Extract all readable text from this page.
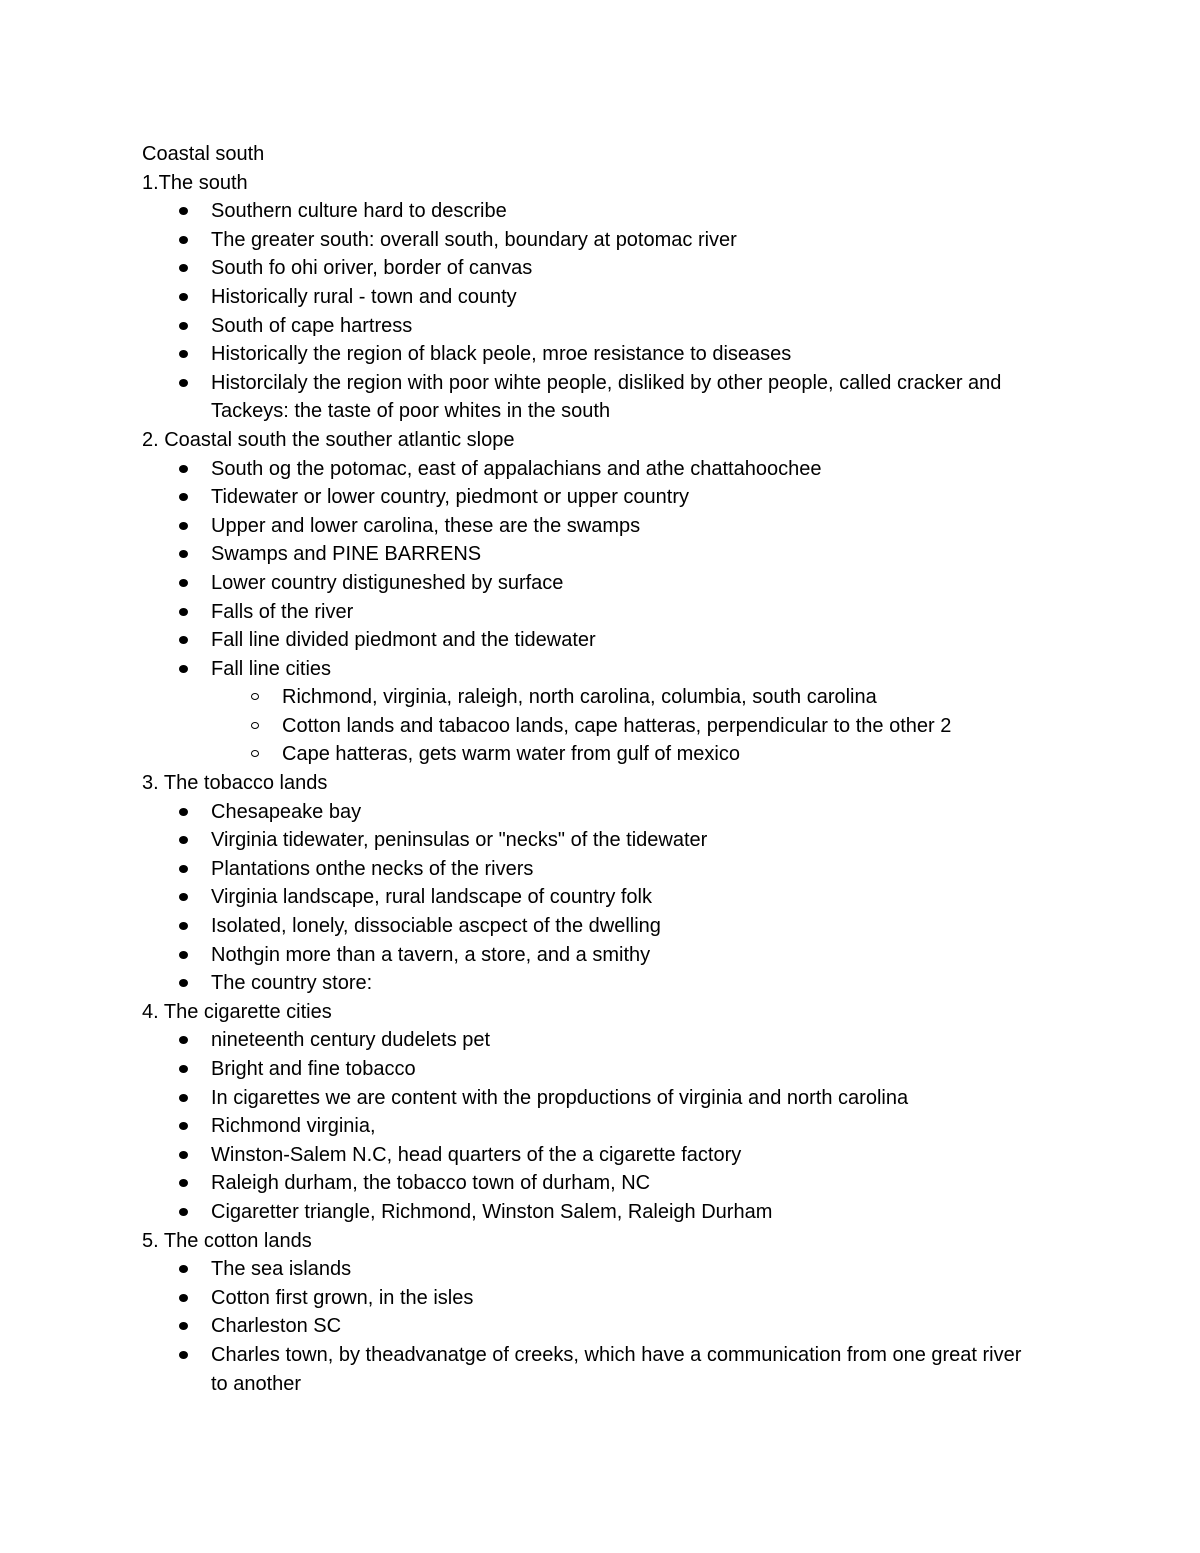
Coastal south

1.The south

Southern culture hard to describe
The greater south: overall south, boundary at potomac river
South fo ohi oriver, border of canvas
Historically rural - town and county
South of cape hartress
Historically the region of black peole, mroe resistance to diseases
Historcilaly the region with poor wihte people, disliked by other people, called cracker and Tackeys: the taste of poor whites in the south

2. Coastal south the souther atlantic slope

South og the potomac, east of appalachians and athe chattahoochee
Tidewater or lower country, piedmont or upper country
Upper and lower carolina, these are the swamps
Swamps and PINE BARRENS
Lower country distiguneshed by surface
Falls of the river
Fall line divided piedmont and the tidewater
Fall line cities
Richmond, virginia, raleigh, north carolina, columbia, south carolina
Cotton lands and tabacoo lands, cape hatteras, perpendicular to the other 2
Cape hatteras, gets warm water from gulf of mexico

3. The tobacco lands

Chesapeake bay
Virginia tidewater, peninsulas or "necks" of the tidewater
Plantations onthe necks of the rivers
Virginia landscape, rural landscape of country folk
Isolated, lonely, dissociable ascpect of the dwelling
Nothgin more than a tavern, a store, and a smithy
The country store:

4. The cigarette cities

nineteenth century dudelets pet
Bright and fine tobacco
In cigarettes we are content with the propductions of virginia and north carolina
Richmond virginia,
Winston-Salem N.C, head quarters of the a cigarette factory
Raleigh durham, the tobacco town of durham, NC
Cigaretter triangle, Richmond, Winston Salem, Raleigh Durham

5. The cotton lands

The sea islands
Cotton first grown, in the isles
Charleston SC
Charles town, by theadvanatge of creeks, which have a communication from one great river to another
